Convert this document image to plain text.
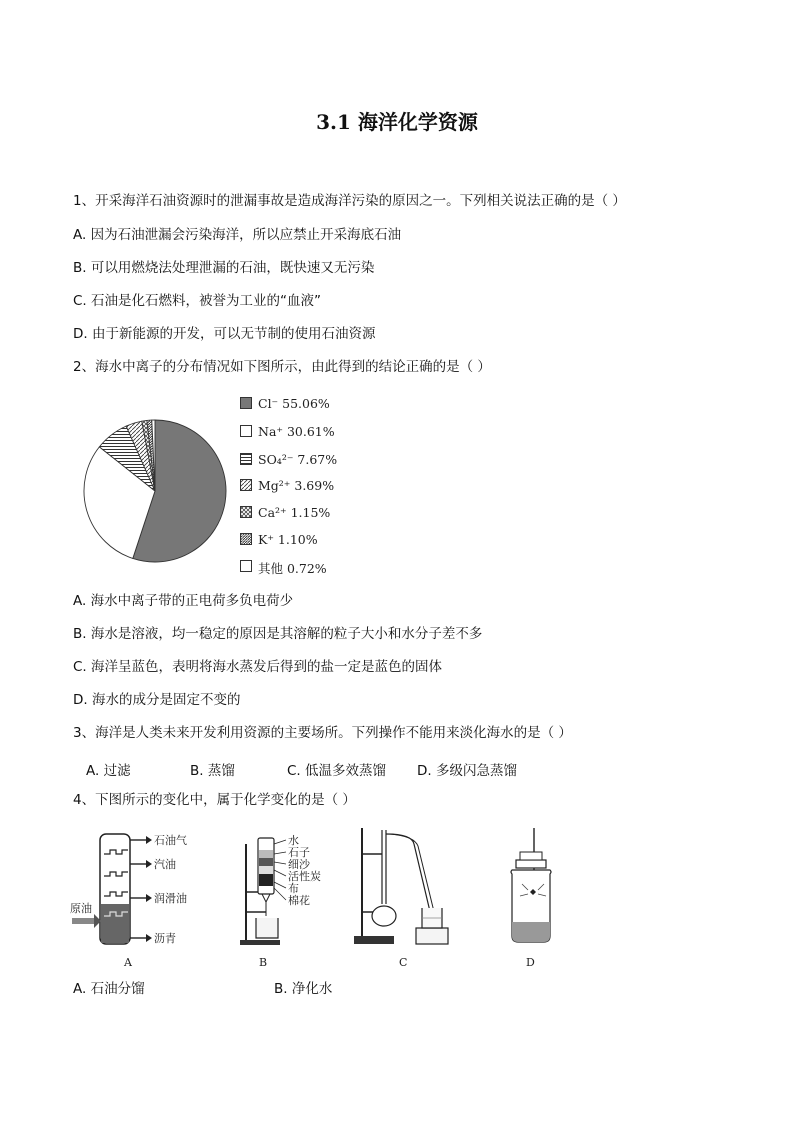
3.1 海洋化学资源
1、开采海洋石油资源时的泄漏事故是造成海洋污染的原因之一。下列相关说法正确的是（ ）
A. 因为石油泄漏会污染海洋，所以应禁止开采海底石油
B. 可以用燃烧法处理泄漏的石油，既快速又无污染
C. 石油是化石燃料，被誉为工业的“血液”
D. 由于新能源的开发，可以无节制的使用石油资源
2、海水中离子的分布情况如下图所示，由此得到的结论正确的是（ ）
Cl⁻ 55.06%
Na⁺ 30.61%
SO₄²⁻ 7.67%
Mg²⁺ 3.69%
Ca²⁺ 1.15%
K⁺ 1.10%
其他 0.72%
A. 海水中离子带的正电荷多负电荷少
B. 海水是溶液，均一稳定的原因是其溶解的粒子大小和水分子差不多
C. 海洋呈蓝色，表明将海水蒸发后得到的盐一定是蓝色的固体
D. 海水的成分是固定不变的
3、海洋是人类未来开发利用资源的主要场所。下列操作不能用来淡化海水的是（ ）
A. 过滤	B. 蒸馏	C. 低温多效蒸馏 D. 多级闪急蒸馏
4、下图所示的变化中，属于化学变化的是（ ）
石油气
汽油
润滑油
沥青
原油
A
水
石子
细沙
活性炭
布
棉花
B	C	D
A. 石油分馏	B. 净化水
